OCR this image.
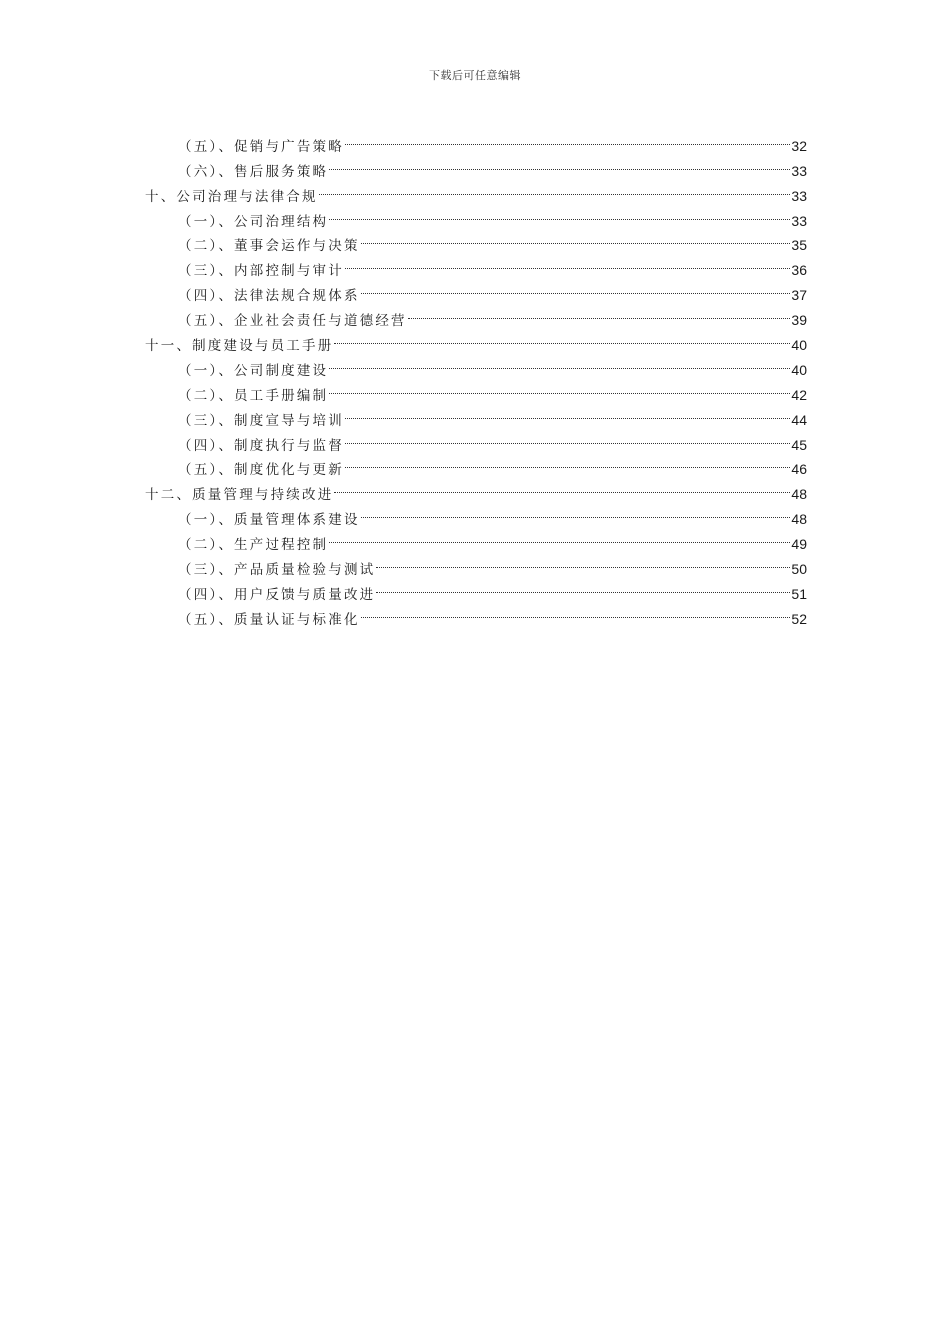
下载后可任意编辑
（五）、促销与广告策略	32
（六）、售后服务策略	33
十、公司治理与法律合规	33
（一）、公司治理结构	33
（二）、董事会运作与决策	35
（三）、内部控制与审计	36
（四）、法律法规合规体系	37
（五）、企业社会责任与道德经营	39
十一、制度建设与员工手册	40
（一）、公司制度建设	40
（二）、员工手册编制	42
（三）、制度宣导与培训	44
（四）、制度执行与监督	45
（五）、制度优化与更新	46
十二、质量管理与持续改进	48
（一）、质量管理体系建设	48
（二）、生产过程控制	49
（三）、产品质量检验与测试	50
（四）、用户反馈与质量改进	51
（五）、质量认证与标准化	52
